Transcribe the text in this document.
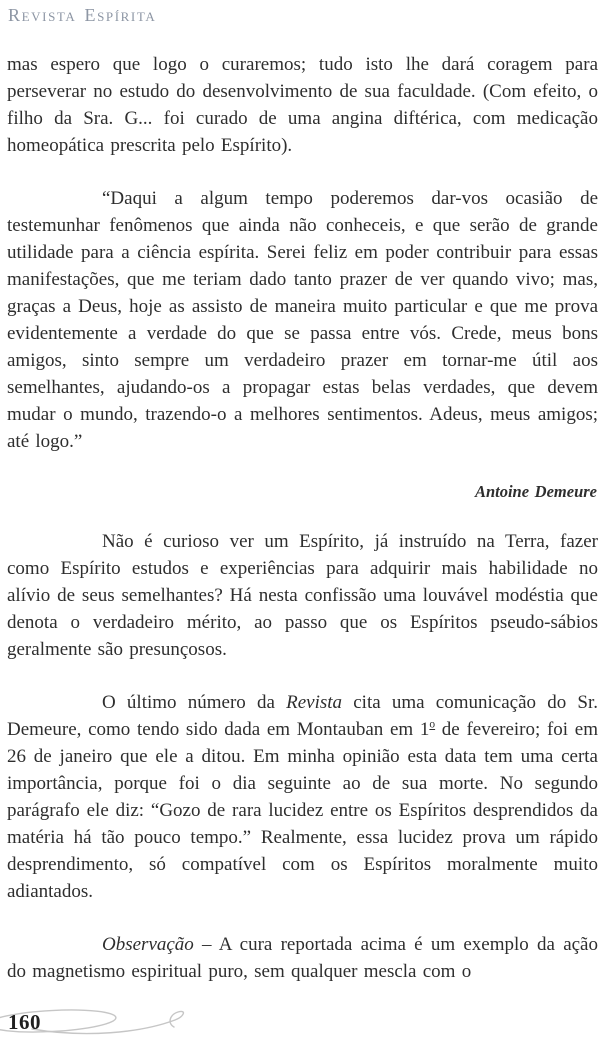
Revista Espírita

mas espero que logo o curaremos; tudo isto lhe dará coragem para perseverar no estudo do desenvolvimento de sua faculdade. (Com efeito, o filho da Sra. G... foi curado de uma angina diftérica, com medicação homeopática prescrita pelo Espírito).

“Daqui a algum tempo poderemos dar-vos ocasião de testemunhar fenômenos que ainda não conheceis, e que serão de grande utilidade para a ciência espírita. Serei feliz em poder contribuir para essas manifestações, que me teriam dado tanto prazer de ver quando vivo; mas, graças a Deus, hoje as assisto de maneira muito particular e que me prova evidentemente a verdade do que se passa entre vós. Crede, meus bons amigos, sinto sempre um verdadeiro prazer em tornar-me útil aos semelhantes, ajudando-os a propagar estas belas verdades, que devem mudar o mundo, trazendo-o a melhores sentimentos. Adeus, meus amigos; até logo.”

Antoine Demeure

Não é curioso ver um Espírito, já instruído na Terra, fazer como Espírito estudos e experiências para adquirir mais habilidade no alívio de seus semelhantes? Há nesta confissão uma louvável modéstia que denota o verdadeiro mérito, ao passo que os Espíritos pseudo-sábios geralmente são presunçosos.

O último número da Revista cita uma comunicação do Sr. Demeure, como tendo sido dada em Montauban em 1$^o$ de fevereiro; foi em 26 de janeiro que ele a ditou. Em minha opinião esta data tem uma certa importância, porque foi o dia seguinte ao de sua morte. No segundo parágrafo ele diz: “Gozo de rara lucidez entre os Espíritos desprendidos da matéria há tão pouco tempo.” Realmente, essa lucidez prova um rápido desprendimento, só compatível com os Espíritos moralmente muito adiantados.

Observação – A cura reportada acima é um exemplo da ação do magnetismo espiritual puro, sem qualquer mescla com o

160
